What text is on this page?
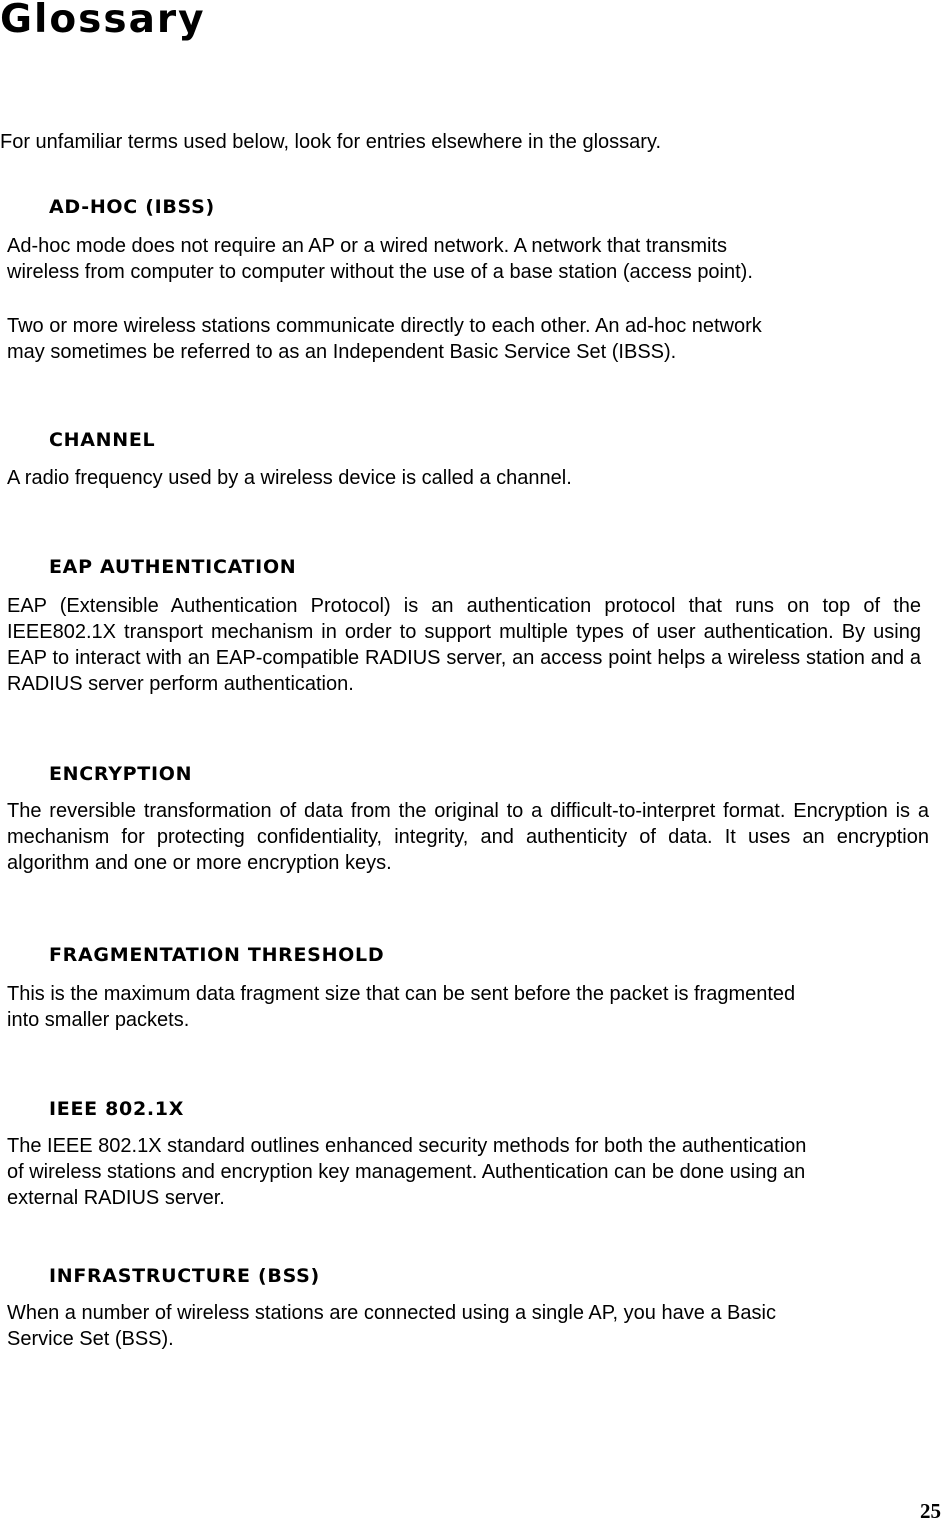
Glossary

For unfamiliar terms used below, look for entries elsewhere in the glossary.

AD-HOC (IBSS)

Ad-hoc mode does not require an AP or a wired network. A network that transmits
wireless from computer to computer without the use of a base station (access point).

Two or more wireless stations communicate directly to each other. An ad-hoc network
may sometimes be referred to as an Independent Basic Service Set (IBSS).

CHANNEL

A radio frequency used by a wireless device is called a channel.

EAP AUTHENTICATION

EAP (Extensible Authentication Protocol) is an authentication protocol that runs on top of the IEEE802.1X transport mechanism in order to support multiple types of user authentication. By using EAP to interact with an EAP-compatible RADIUS server, an access point helps a wireless station and a RADIUS server perform authentication.

ENCRYPTION

The reversible transformation of data from the original to a difficult-to-interpret format. Encryption is a mechanism for protecting confidentiality, integrity, and authenticity of data. It uses an encryption algorithm and one or more encryption keys.

FRAGMENTATION THRESHOLD

This is the maximum data fragment size that can be sent before the packet is fragmented
into smaller packets.

IEEE 802.1X

The IEEE 802.1X standard outlines enhanced security methods for both the authentication
of wireless stations and encryption key management. Authentication can be done using an
external RADIUS server.

INFRASTRUCTURE (BSS)

When a number of wireless stations are connected using a single AP, you have a Basic
Service Set (BSS).

25
